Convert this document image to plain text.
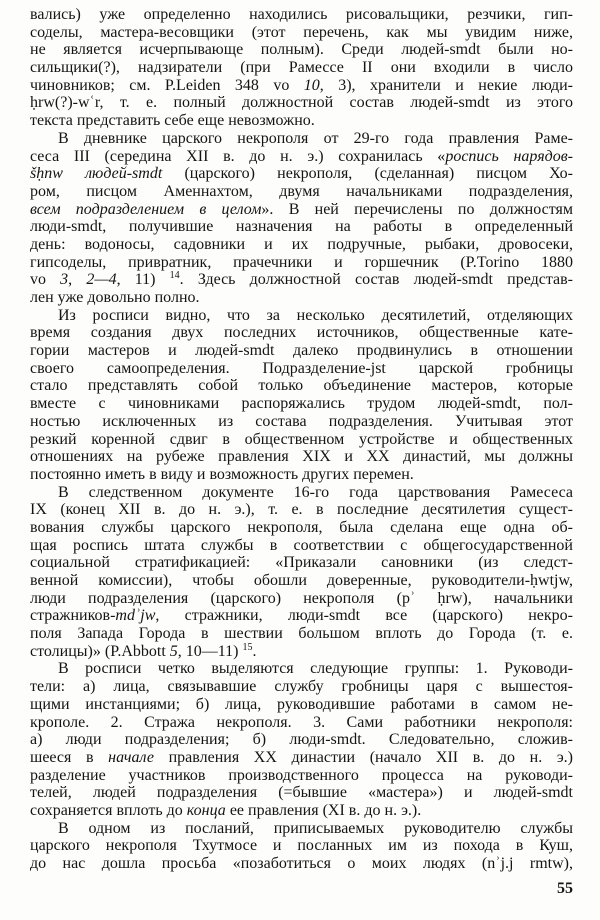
вались) уже определенно находились рисовальщики, резчики, гип-
соделы, мастера-весовщики (этот перечень, как мы увидим ниже,
не является исчерпывающе полным). Среди людей-smdt были но-
сильщики(?), надзиратели (при Рамессе II они входили в число
чиновников; см. P.Leiden 348 vo 10, 3), хранители и некие люди-
ḥrw(?)-wʿr, т. е. полный должностной состав людей-smdt из этого
текста представить себе еще невозможно.
В дневнике царского некрополя от 29-го года правления Раме-
сеса III (середина XII в. до н. э.) сохранилась «роспись нарядов-
šḥnw людей-smdt (царского) некрополя, (сделанная) писцом Хо-
ром, писцом Аменнахтом, двумя начальниками подразделения,
всем подразделением в целом». В ней перечислены по должностям
люди-smdt, получившие назначения на работы в определенный
день: водоносы, садовники и их подручные, рыбаки, дровосеки,
гипсоделы, привратник, прачечники и горшечник (P.Torino 1880
vo 3, 2—4, 11) $^{14}$. Здесь должностной состав людей-smdt представ-
лен уже довольно полно.
Из росписи видно, что за несколько десятилетий, отделяющих
время создания двух последних источников, общественные кате-
гории мастеров и людей-smdt далеко продвинулись в отношении
своего самоопределения. Подразделение-jst царской гробницы
стало представлять собой только объединение мастеров, которые
вместе с чиновниками распоряжались трудом людей-smdt, пол-
ностью исключенных из состава подразделения. Учитывая этот
резкий коренной сдвиг в общественном устройстве и общественных
отношениях на рубеже правления XIX и XX династий, мы должны
постоянно иметь в виду и возможность других перемен.
В следственном документе 16-го года царствования Рамесеса
IX (конец XII в. до н. э.), т. е. в последние десятилетия сущест-
вования службы царского некрополя, была сделана еще одна об-
щая роспись штата службы в соответствии с общегосударственной
социальной стратификацией: «Приказали сановники (из следст-
венной комиссии), чтобы обошли доверенные, руководители-ḥwtjw,
люди подразделения (царского) некрополя (pʾ ḥrw), начальники
стражников-mdʾjw, стражники, люди-smdt все (царского) некро-
поля Запада Города в шествии большом вплоть до Города (т. е.
столицы)» (P.Abbott 5, 10—11) $^{15}$.
В росписи четко выделяются следующие группы: 1. Руководи-
тели: а) лица, связывавшие службу гробницы царя с вышестоя-
щими инстанциями; б) лица, руководившие работами в самом не-
крополе. 2. Стража некрополя. 3. Сами работники некрополя:
а) люди подразделения; б) люди-smdt. Следовательно, сложив-
шееся в начале правления XX династии (начало XII в. до н. э.)
разделение участников производственного процесса на руководи-
телей, людей подразделения (=бывшие «мастера») и людей-smdt
сохраняется вплоть до конца ее правления (XI в. до н. э.).
В одном из посланий, приписываемых руководителю службы
царского некрополя Тхутмосе и посланных им из похода в Куш,
до нас дошла просьба «позаботиться о моих людях (nʾj.j rmtw),
55
